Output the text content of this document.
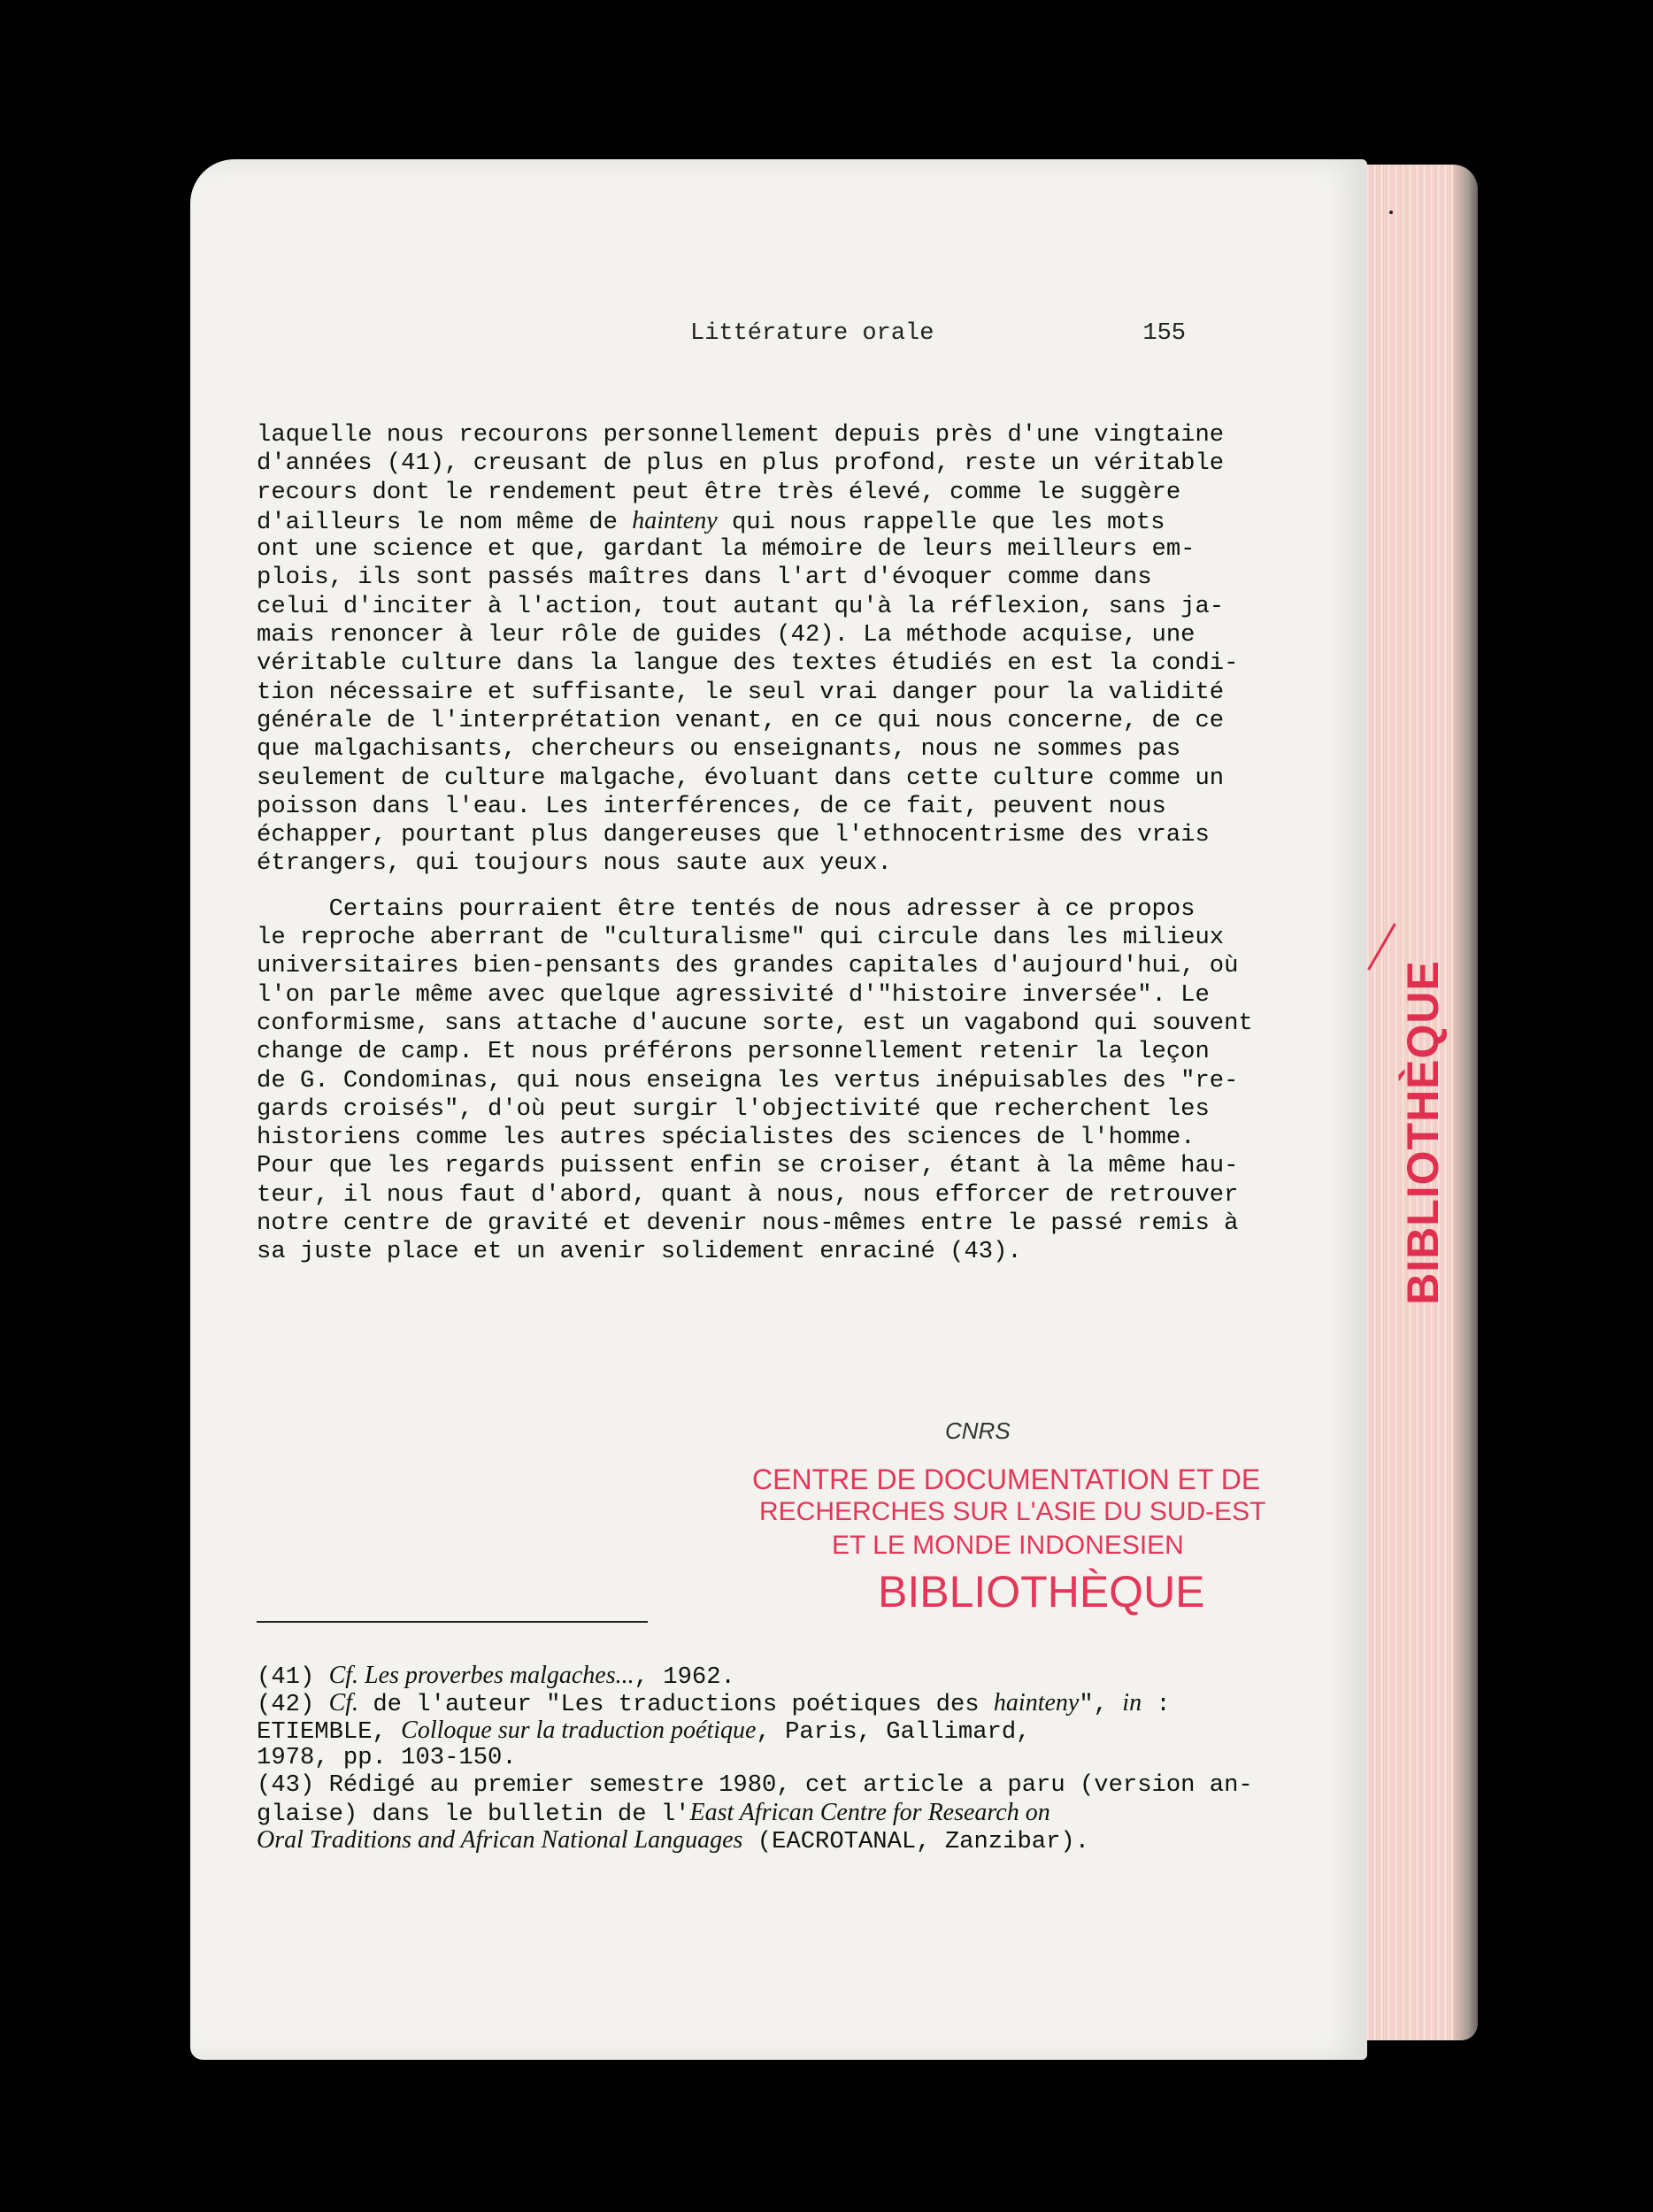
BIBLIOTHÈQUE
Littérature orale	155
laquelle nous recourons personnellement depuis près d'une vingtaine
d'années (41), creusant de plus en plus profond, reste un véritable
recours dont le rendement peut être très élevé, comme le suggère
d'ailleurs le nom même de hainteny qui nous rappelle que les mots
ont une science et que, gardant la mémoire de leurs meilleurs em-
plois, ils sont passés maîtres dans l'art d'évoquer comme dans
celui d'inciter à l'action, tout autant qu'à la réflexion, sans ja-
mais renoncer à leur rôle de guides (42). La méthode acquise, une
véritable culture dans la langue des textes étudiés en est la condi-
tion nécessaire et suffisante, le seul vrai danger pour la validité
générale de l'interprétation venant, en ce qui nous concerne, de ce
que malgachisants, chercheurs ou enseignants, nous ne sommes pas
seulement de culture malgache, évoluant dans cette culture comme un
poisson dans l'eau. Les interférences, de ce fait, peuvent nous
échapper, pourtant plus dangereuses que l'ethnocentrisme des vrais
étrangers, qui toujours nous saute aux yeux.
Certains pourraient être tentés de nous adresser à ce propos
le reproche aberrant de "culturalisme" qui circule dans les milieux
universitaires bien-pensants des grandes capitales d'aujourd'hui, où
l'on parle même avec quelque agressivité d'"histoire inversée". Le
conformisme, sans attache d'aucune sorte, est un vagabond qui souvent
change de camp. Et nous préférons personnellement retenir la leçon
de G. Condominas, qui nous enseigna les vertus inépuisables des "re-
gards croisés", d'où peut surgir l'objectivité que recherchent les
historiens comme les autres spécialistes des sciences de l'homme.
Pour que les regards puissent enfin se croiser, étant à la même hau-
teur, il nous faut d'abord, quant à nous, nous efforcer de retrouver
notre centre de gravité et devenir nous-mêmes entre le passé remis à
sa juste place et un avenir solidement enraciné (43).
CNRS
CENTRE DE DOCUMENTATION ET DE
RECHERCHES SUR L'ASIE DU SUD-EST
ET LE MONDE INDONESIEN
BIBLIOTHÈQUE
(41) Cf. Les proverbes malgaches..., 1962.
(42) Cf. de l'auteur "Les traductions poétiques des hainteny", in :
ETIEMBLE, Colloque sur la traduction poétique, Paris, Gallimard,
1978, pp. 103-150.
(43) Rédigé au premier semestre 1980, cet article a paru (version an-
glaise) dans le bulletin de l'East African Centre for Research on
Oral Traditions and African National Languages (EACROTANAL, Zanzibar).
